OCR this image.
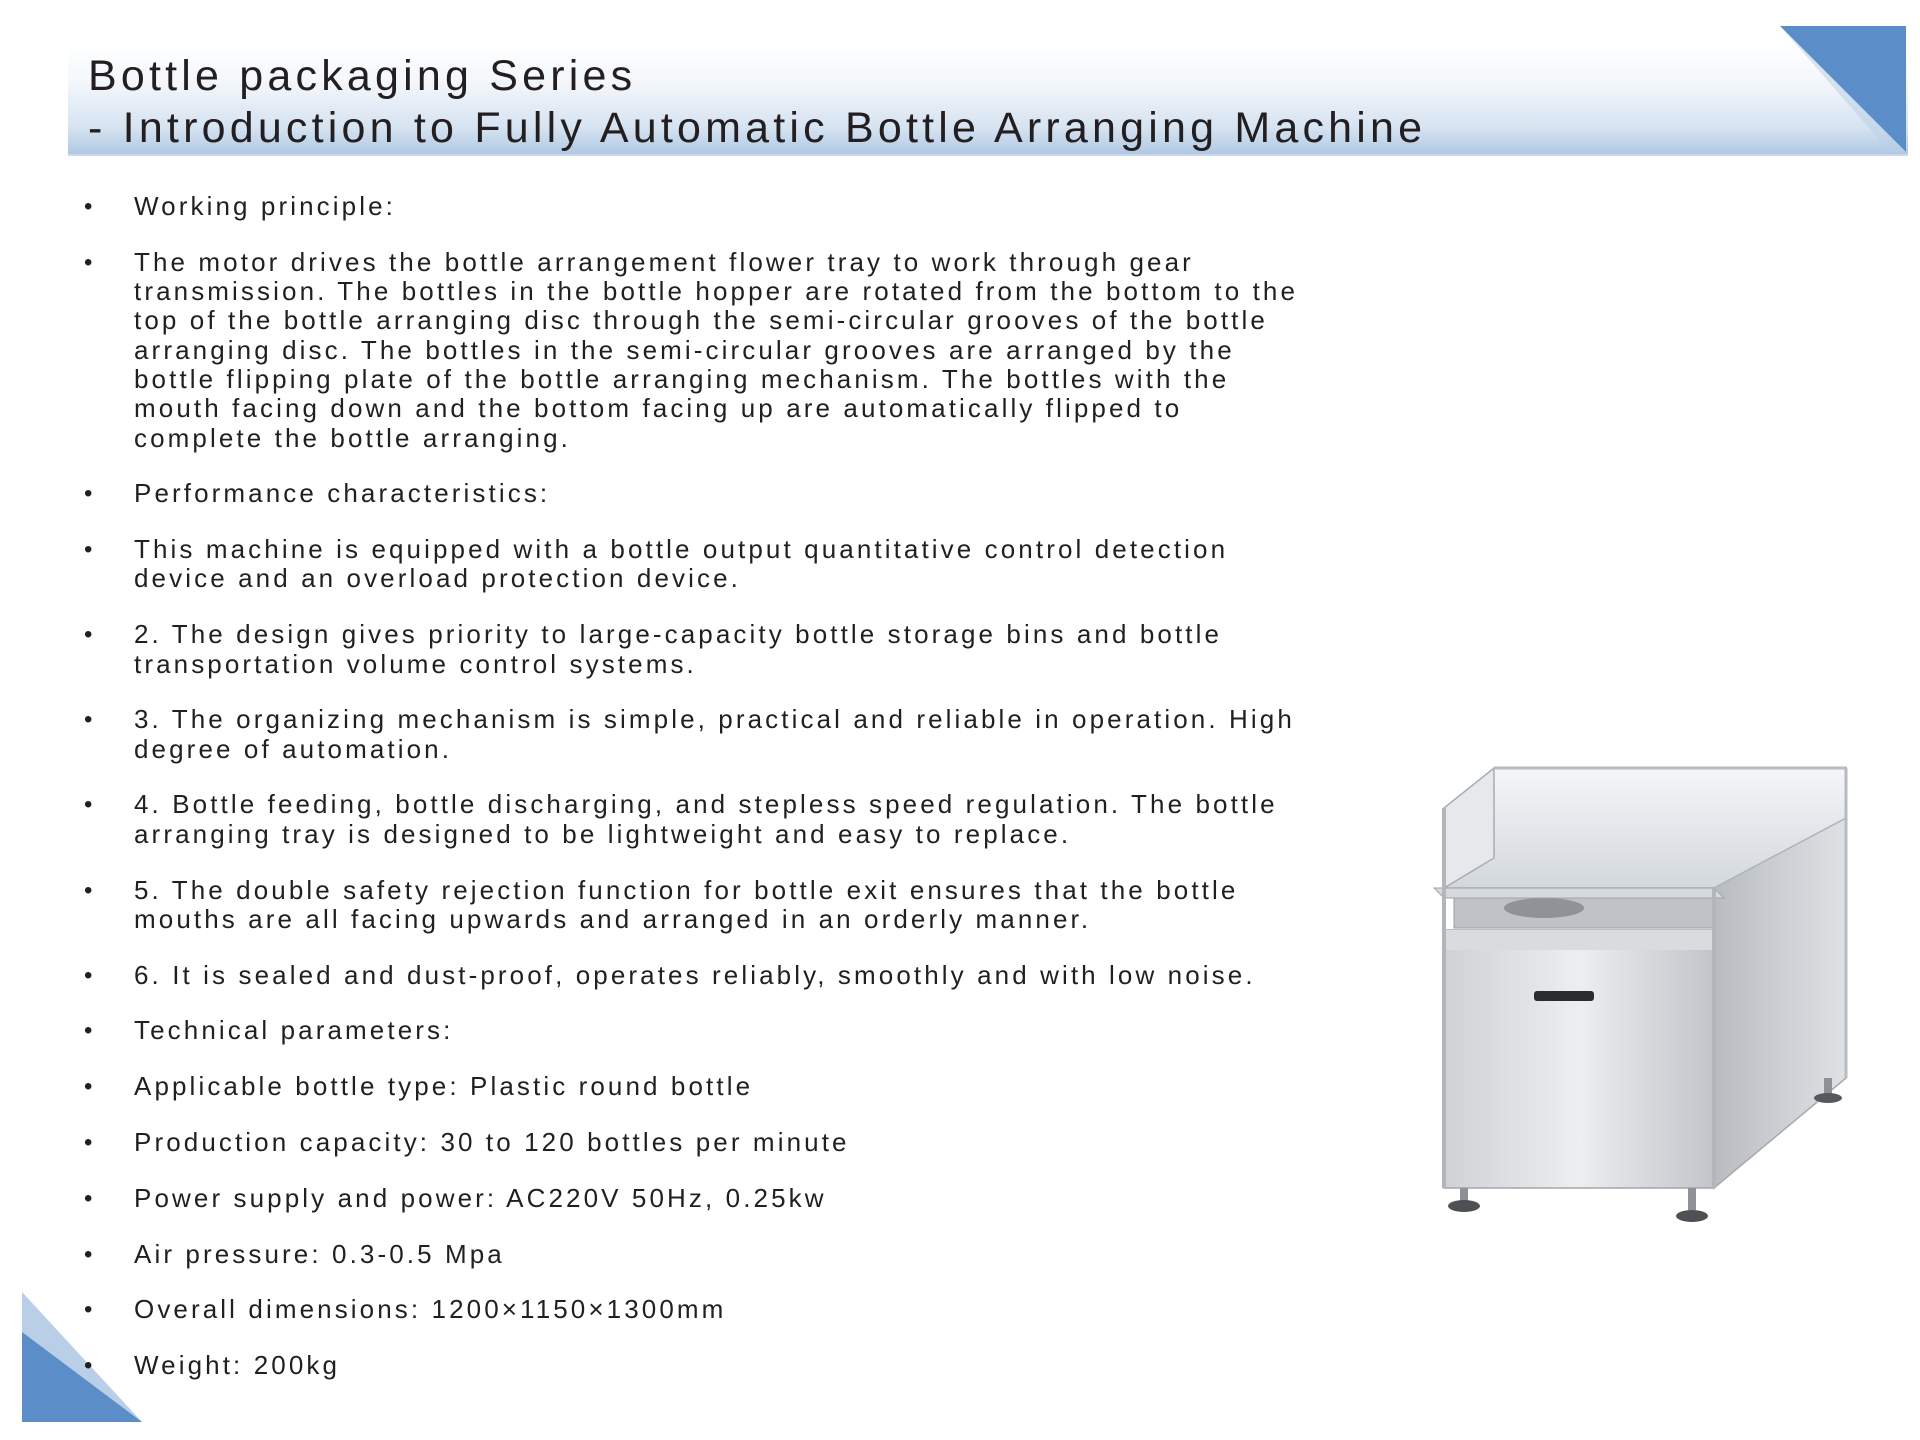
Bottle packaging Series
- Introduction to Fully Automatic Bottle Arranging Machine
• Working principle:
• The motor drives the bottle arrangement flower tray to work through gear
transmission. The bottles in the bottle hopper are rotated from the bottom to the
top of the bottle arranging disc through the semi-circular grooves of the bottle
arranging disc. The bottles in the semi-circular grooves are arranged by the
bottle flipping plate of the bottle arranging mechanism. The bottles with the
mouth facing down and the bottom facing up are automatically flipped to
complete the bottle arranging.
• Performance characteristics:
• This machine is equipped with a bottle output quantitative control detection
device and an overload protection device.
• 2. The design gives priority to large-capacity bottle storage bins and bottle
transportation volume control systems.
• 3. The organizing mechanism is simple, practical and reliable in operation. High
degree of automation.
• 4. Bottle feeding, bottle discharging, and stepless speed regulation. The bottle
arranging tray is designed to be lightweight and easy to replace.
• 5. The double safety rejection function for bottle exit ensures that the bottle
mouths are all facing upwards and arranged in an orderly manner.
• 6. It is sealed and dust-proof, operates reliably, smoothly and with low noise.
• Technical parameters:
• Applicable bottle type: Plastic round bottle
• Production capacity: 30 to 120 bottles per minute
• Power supply and power: AC220V 50Hz, 0.25kw
• Air pressure: 0.3-0.5 Mpa
• Overall dimensions: 1200×1150×1300mm
• Weight: 200kg
